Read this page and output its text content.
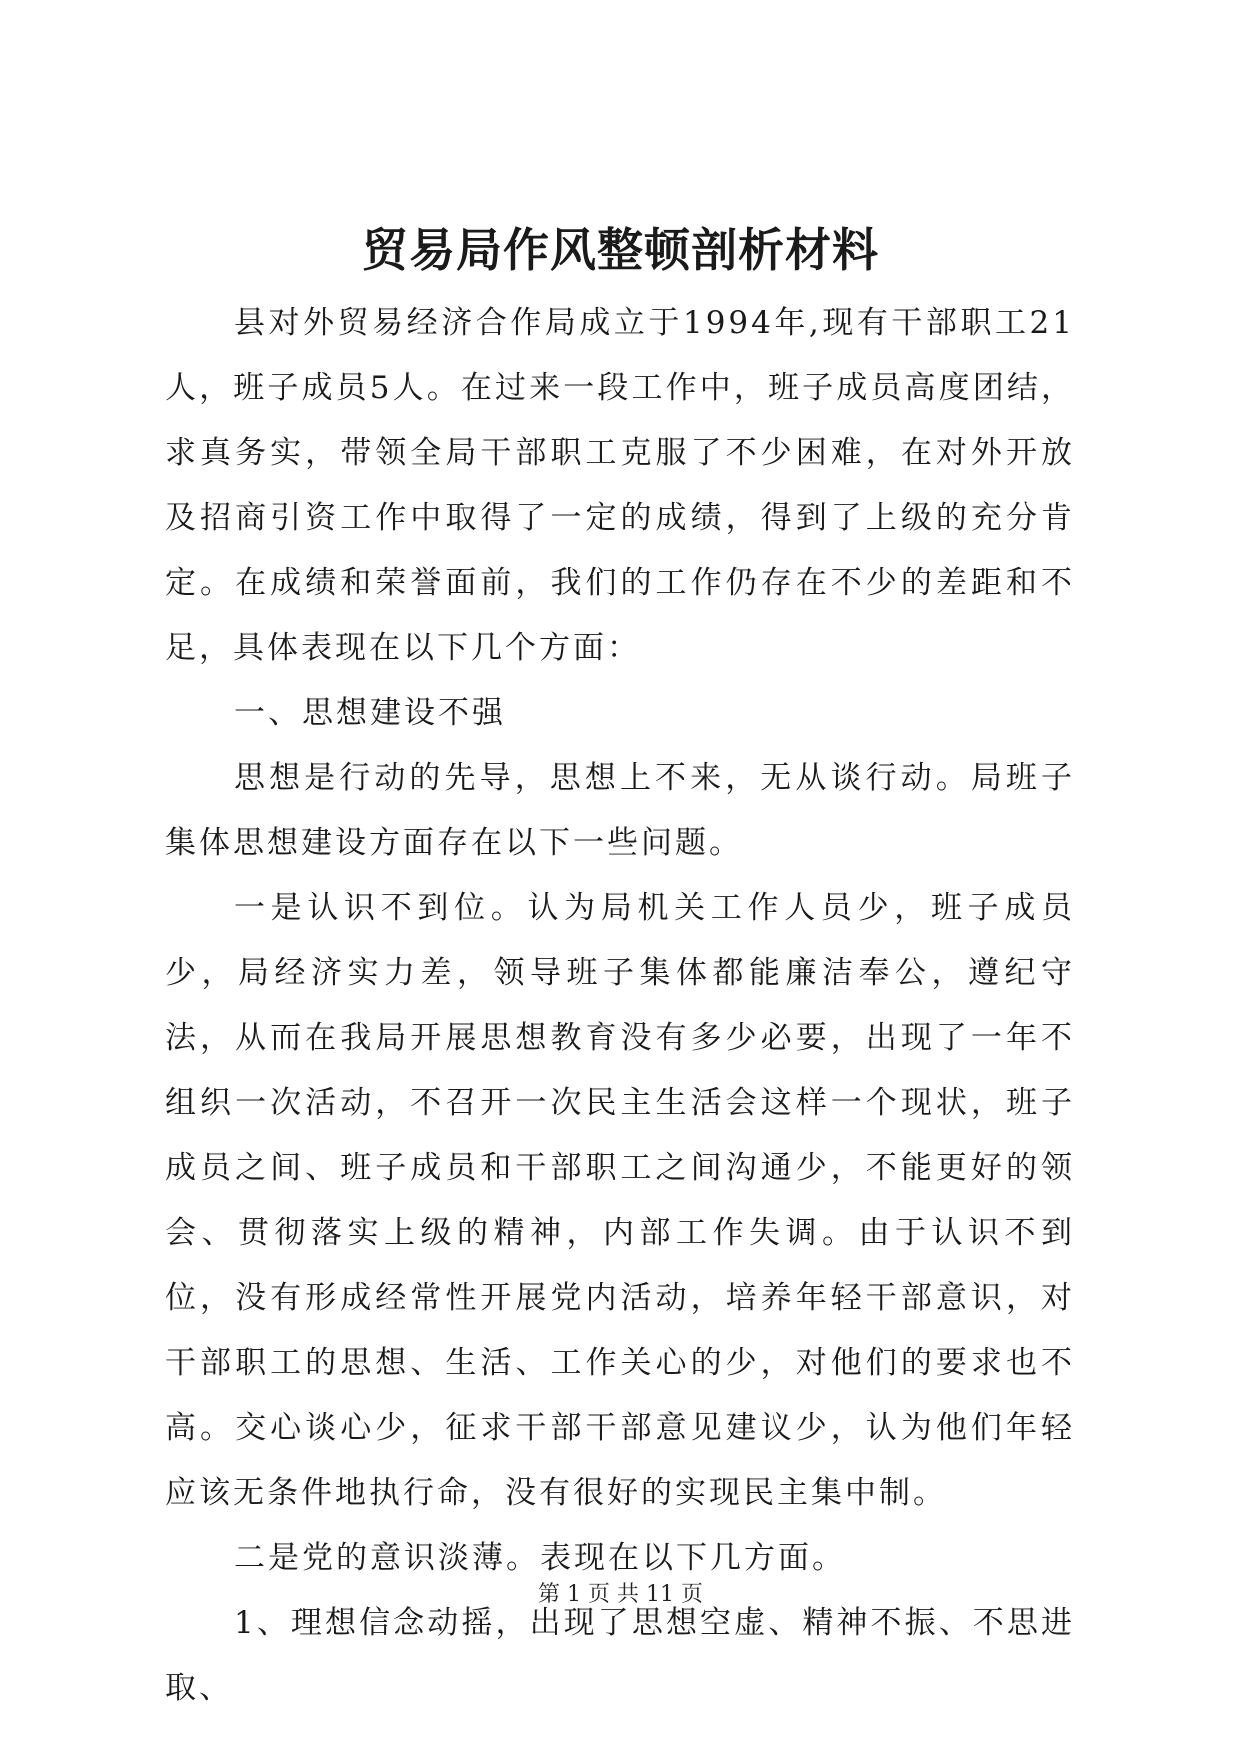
贸易局作风整顿剖析材料

县对外贸易经济合作局成立于1994年,现有干部职工21人，班子成员5人。在过来一段工作中，班子成员高度团结，求真务实，带领全局干部职工克服了不少困难，在对外开放及招商引资工作中取得了一定的成绩，得到了上级的充分肯定。在成绩和荣誉面前，我们的工作仍存在不少的差距和不足，具体表现在以下几个方面：

一、思想建设不强

思想是行动的先导，思想上不来，无从谈行动。局班子集体思想建设方面存在以下一些问题。

一是认识不到位。认为局机关工作人员少，班子成员少，局经济实力差，领导班子集体都能廉洁奉公，遵纪守法，从而在我局开展思想教育没有多少必要，出现了一年不组织一次活动，不召开一次民主生活会这样一个现状，班子成员之间、班子成员和干部职工之间沟通少，不能更好的领会、贯彻落实上级的精神，内部工作失调。由于认识不到位，没有形成经常性开展党内活动，培养年轻干部意识，对干部职工的思想、生活、工作关心的少，对他们的要求也不高。交心谈心少，征求干部干部意见建议少，认为他们年轻应该无条件地执行命，没有很好的实现民主集中制。

二是党的意识淡薄。表现在以下几方面。

1、理想信念动摇，出现了思想空虚、精神不振、不思进取、

第 1 页 共 11 页
